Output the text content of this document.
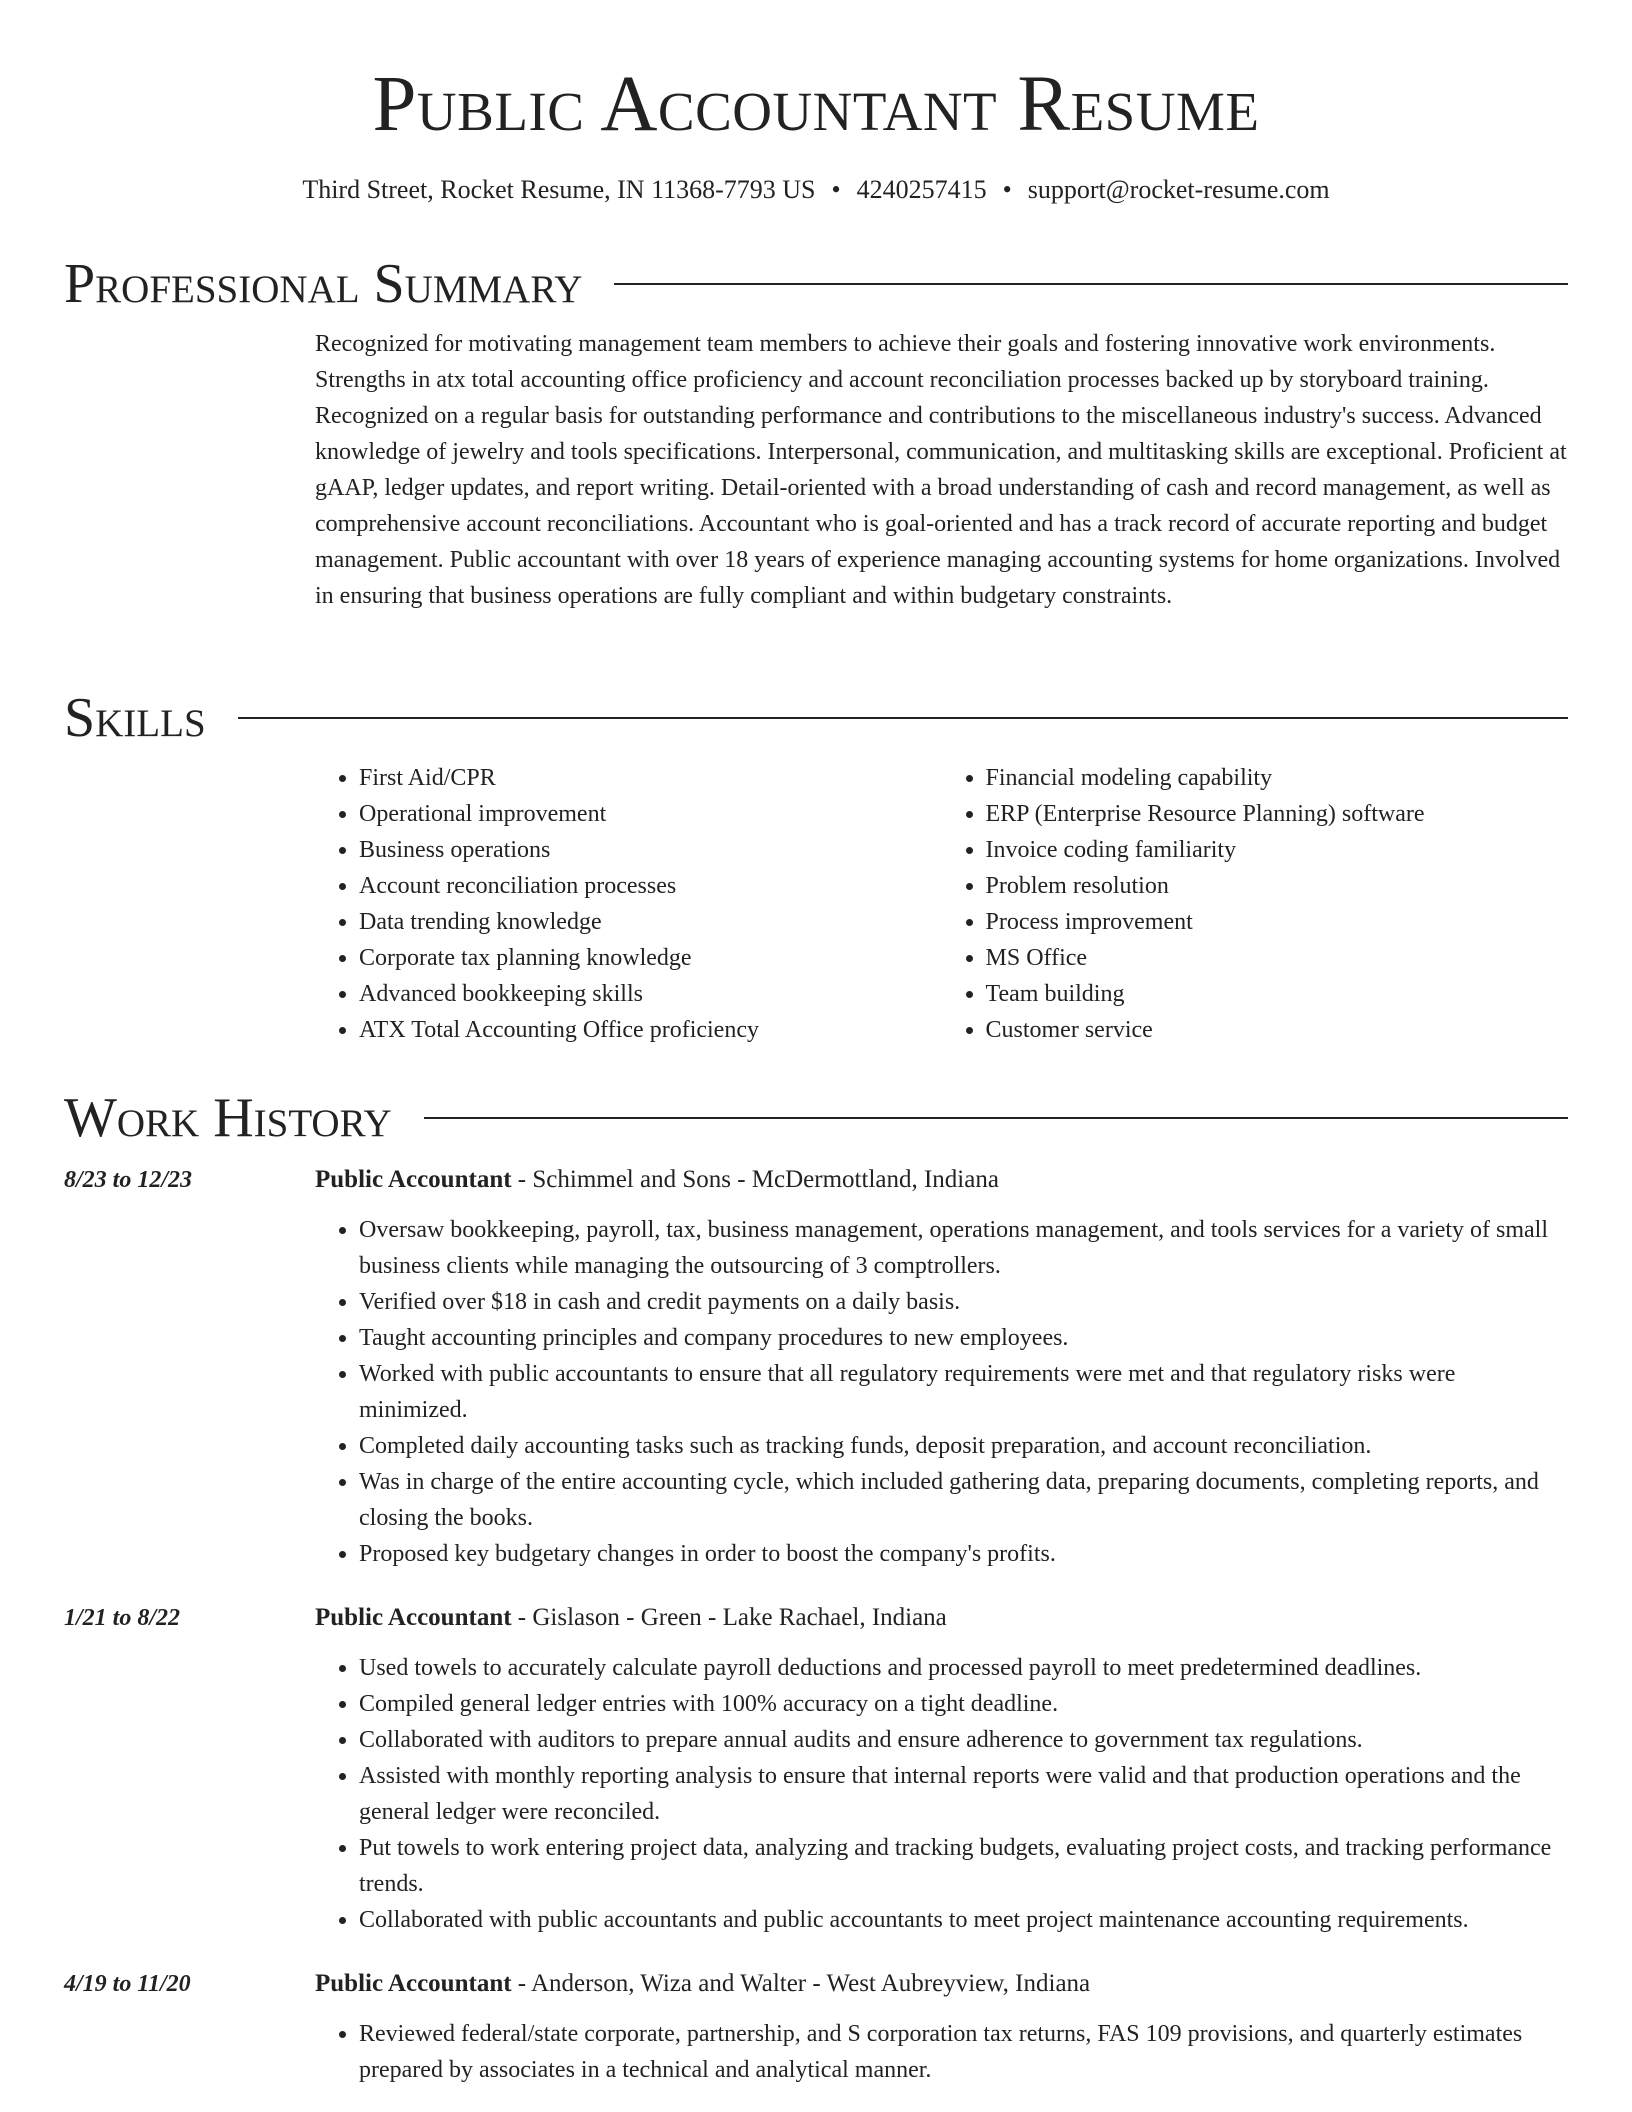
Public Accountant Resume
Third Street, Rocket Resume, IN 11368-7793 US • 4240257415 • support@rocket-resume.com
Professional Summary
Recognized for motivating management team members to achieve their goals and fostering innovative work environments. Strengths in atx total accounting office proficiency and account reconciliation processes backed up by storyboard training. Recognized on a regular basis for outstanding performance and contributions to the miscellaneous industry's success. Advanced knowledge of jewelry and tools specifications. Interpersonal, communication, and multitasking skills are exceptional. Proficient at gAAP, ledger updates, and report writing. Detail-oriented with a broad understanding of cash and record management, as well as comprehensive account reconciliations. Accountant who is goal-oriented and has a track record of accurate reporting and budget management. Public accountant with over 18 years of experience managing accounting systems for home organizations. Involved in ensuring that business operations are fully compliant and within budgetary constraints.
Skills
• First Aid/CPR
• Operational improvement
• Business operations
• Account reconciliation processes
• Data trending knowledge
• Corporate tax planning knowledge
• Advanced bookkeeping skills
• ATX Total Accounting Office proficiency
• Financial modeling capability
• ERP (Enterprise Resource Planning) software
• Invoice coding familiarity
• Problem resolution
• Process improvement
• MS Office
• Team building
• Customer service
Work History
8/23 to 12/23	Public Accountant - Schimmel and Sons - McDermottland, Indiana
• Oversaw bookkeeping, payroll, tax, business management, operations management, and tools services for a variety of small business clients while managing the outsourcing of 3 comptrollers.
• Verified over $18 in cash and credit payments on a daily basis.
• Taught accounting principles and company procedures to new employees.
• Worked with public accountants to ensure that all regulatory requirements were met and that regulatory risks were minimized.
• Completed daily accounting tasks such as tracking funds, deposit preparation, and account reconciliation.
• Was in charge of the entire accounting cycle, which included gathering data, preparing documents, completing reports, and closing the books.
• Proposed key budgetary changes in order to boost the company's profits.
1/21 to 8/22	Public Accountant - Gislason - Green - Lake Rachael, Indiana
• Used towels to accurately calculate payroll deductions and processed payroll to meet predetermined deadlines.
• Compiled general ledger entries with 100% accuracy on a tight deadline.
• Collaborated with auditors to prepare annual audits and ensure adherence to government tax regulations.
• Assisted with monthly reporting analysis to ensure that internal reports were valid and that production operations and the general ledger were reconciled.
• Put towels to work entering project data, analyzing and tracking budgets, evaluating project costs, and tracking performance trends.
• Collaborated with public accountants and public accountants to meet project maintenance accounting requirements.
4/19 to 11/20	Public Accountant - Anderson, Wiza and Walter - West Aubreyview, Indiana
• Reviewed federal/state corporate, partnership, and S corporation tax returns, FAS 109 provisions, and quarterly estimates prepared by associates in a technical and analytical manner.
